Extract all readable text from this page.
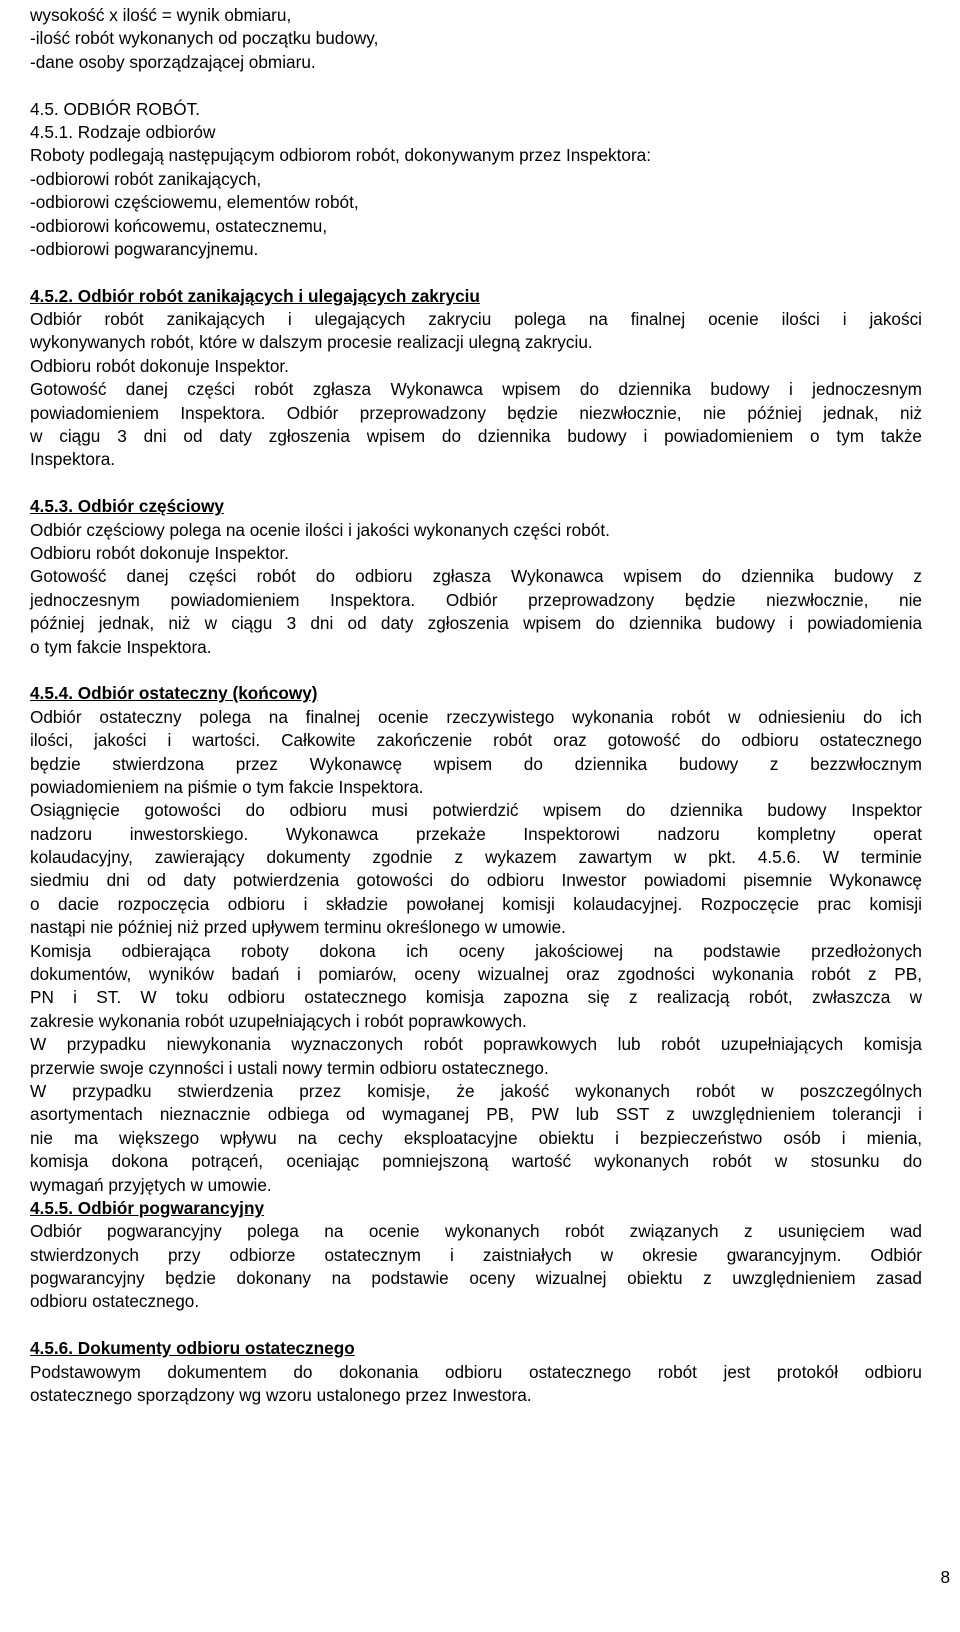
wysokość x ilość = wynik obmiaru,
-ilość robót wykonanych od początku budowy,
-dane osoby sporządzającej obmiaru.
4.5. ODBIÓR ROBÓT.
4.5.1. Rodzaje odbiorów
Roboty podlegają następującym odbiorom robót, dokonywanym przez Inspektora:
-odbiorowi robót zanikających,
-odbiorowi częściowemu, elementów robót,
-odbiorowi końcowemu, ostatecznemu,
-odbiorowi pogwarancyjnemu.
4.5.2. Odbiór robót zanikających i ulegających zakryciu
Odbiór robót zanikających i ulegających zakryciu polega na finalnej ocenie ilości i jakości
wykonywanych robót, które w dalszym procesie realizacji ulegną zakryciu.
Odbioru robót dokonuje Inspektor.
Gotowość danej części robót zgłasza Wykonawca wpisem do dziennika budowy i jednoczesnym
powiadomieniem Inspektora. Odbiór przeprowadzony będzie niezwłocznie, nie później jednak, niż
w ciągu 3 dni od daty zgłoszenia wpisem do dziennika budowy i powiadomieniem o tym także
Inspektora.
4.5.3. Odbiór częściowy
Odbiór częściowy polega na ocenie ilości i jakości wykonanych części robót.
Odbioru robót dokonuje Inspektor.
Gotowość danej części robót do odbioru zgłasza Wykonawca wpisem do dziennika budowy z
jednoczesnym powiadomieniem Inspektora. Odbiór przeprowadzony będzie niezwłocznie, nie
później jednak, niż w ciągu 3 dni od daty zgłoszenia wpisem do dziennika budowy i powiadomienia
o tym fakcie Inspektora.
4.5.4. Odbiór ostateczny (końcowy)
Odbiór ostateczny polega na finalnej ocenie rzeczywistego wykonania robót w odniesieniu do ich
ilości, jakości i wartości. Całkowite zakończenie robót oraz gotowość do odbioru ostatecznego
będzie stwierdzona przez Wykonawcę wpisem do dziennika budowy z bezzwłocznym
powiadomieniem na piśmie o tym fakcie Inspektora.
Osiągnięcie gotowości do odbioru musi potwierdzić wpisem do dziennika budowy Inspektor
nadzoru inwestorskiego. Wykonawca przekaże Inspektorowi nadzoru kompletny operat
kolaudacyjny, zawierający dokumenty zgodnie z wykazem zawartym w pkt. 4.5.6. W terminie
siedmiu dni od daty potwierdzenia gotowości do odbioru Inwestor powiadomi pisemnie Wykonawcę
o dacie rozpoczęcia odbioru i składzie powołanej komisji kolaudacyjnej. Rozpoczęcie prac komisji
nastąpi nie później niż przed upływem terminu określonego w umowie.
Komisja odbierająca roboty dokona ich oceny jakościowej na podstawie przedłożonych
dokumentów, wyników badań i pomiarów, oceny wizualnej oraz zgodności wykonania robót z PB,
PN i ST. W toku odbioru ostatecznego komisja zapozna się z realizacją robót, zwłaszcza w
zakresie wykonania robót uzupełniających i robót poprawkowych.
W przypadku niewykonania wyznaczonych robót poprawkowych lub robót uzupełniających komisja
przerwie swoje czynności i ustali nowy termin odbioru ostatecznego.
W przypadku stwierdzenia przez komisje, że jakość wykonanych robót w poszczególnych
asortymentach nieznacznie odbiega od wymaganej PB, PW lub SST z uwzględnieniem tolerancji i
nie ma większego wpływu na cechy eksploatacyjne obiektu i bezpieczeństwo osób i mienia,
komisja dokona potrąceń, oceniając pomniejszoną wartość wykonanych robót w stosunku do
wymagań przyjętych w umowie.
4.5.5. Odbiór pogwarancyjny
Odbiór pogwarancyjny polega na ocenie wykonanych robót związanych z usunięciem wad
stwierdzonych przy odbiorze ostatecznym i zaistniałych w okresie gwarancyjnym. Odbiór
pogwarancyjny będzie dokonany na podstawie oceny wizualnej obiektu z uwzględnieniem zasad
odbioru ostatecznego.
4.5.6. Dokumenty odbioru ostatecznego
Podstawowym dokumentem do dokonania odbioru ostatecznego robót jest protokół odbioru
ostatecznego sporządzony wg wzoru ustalonego przez Inwestora.
8
